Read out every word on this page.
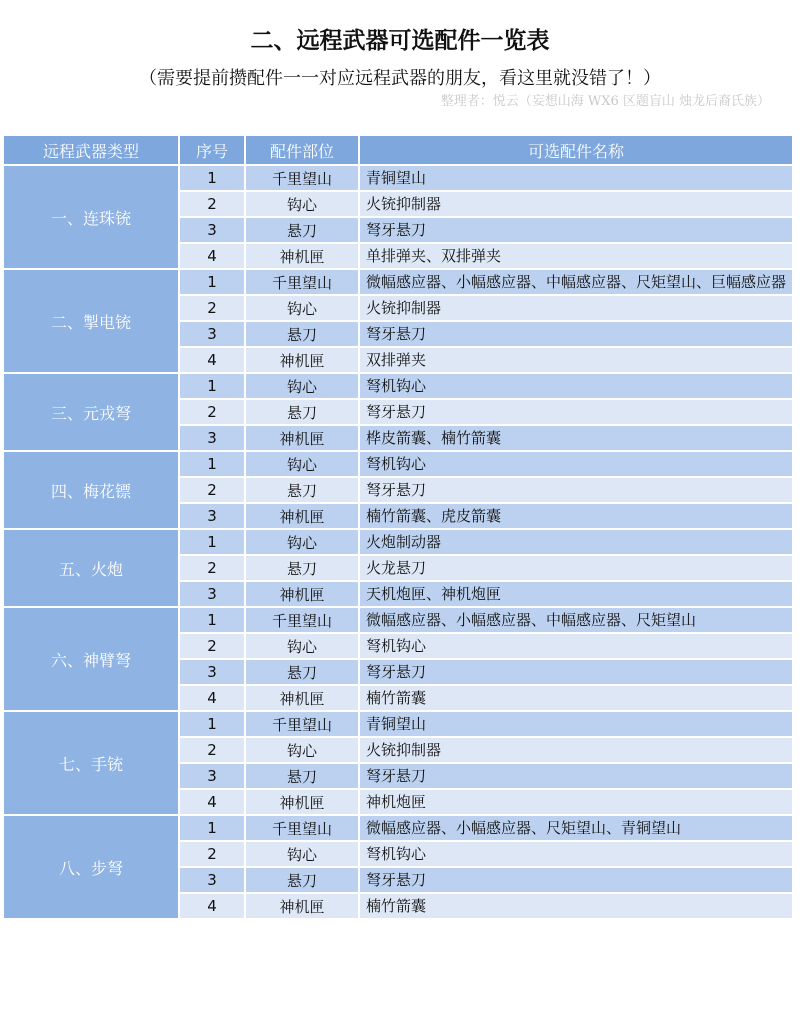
二、远程武器可选配件一览表
（需要提前攒配件一一对应远程武器的朋友，看这里就没错了！）
整理者：悦云（妄想山海 WX6 区题盲山 烛龙后裔氏族）
远程武器类型	序号	配件部位	可选配件名称
一、连珠铳	1	千里望山	青铜望山
	2	钩心	火铳抑制器
	3	悬刀	弩牙悬刀
	4	神机匣	单排弹夹、双排弹夹
二、掣电铳	1	千里望山	微幅感应器、小幅感应器、中幅感应器、尺矩望山、巨幅感应器
	2	钩心	火铳抑制器
	3	悬刀	弩牙悬刀
	4	神机匣	双排弹夹
三、元戎弩	1	钩心	弩机钩心
	2	悬刀	弩牙悬刀
	3	神机匣	桦皮箭囊、楠竹箭囊
四、梅花镖	1	钩心	弩机钩心
	2	悬刀	弩牙悬刀
	3	神机匣	楠竹箭囊、虎皮箭囊
五、火炮	1	钩心	火炮制动器
	2	悬刀	火龙悬刀
	3	神机匣	天机炮匣、神机炮匣
六、神臂弩	1	千里望山	微幅感应器、小幅感应器、中幅感应器、尺矩望山
	2	钩心	弩机钩心
	3	悬刀	弩牙悬刀
	4	神机匣	楠竹箭囊
七、手铳	1	千里望山	青铜望山
	2	钩心	火铳抑制器
	3	悬刀	弩牙悬刀
	4	神机匣	神机炮匣
八、步弩	1	千里望山	微幅感应器、小幅感应器、尺矩望山、青铜望山
	2	钩心	弩机钩心
	3	悬刀	弩牙悬刀
	4	神机匣	楠竹箭囊
